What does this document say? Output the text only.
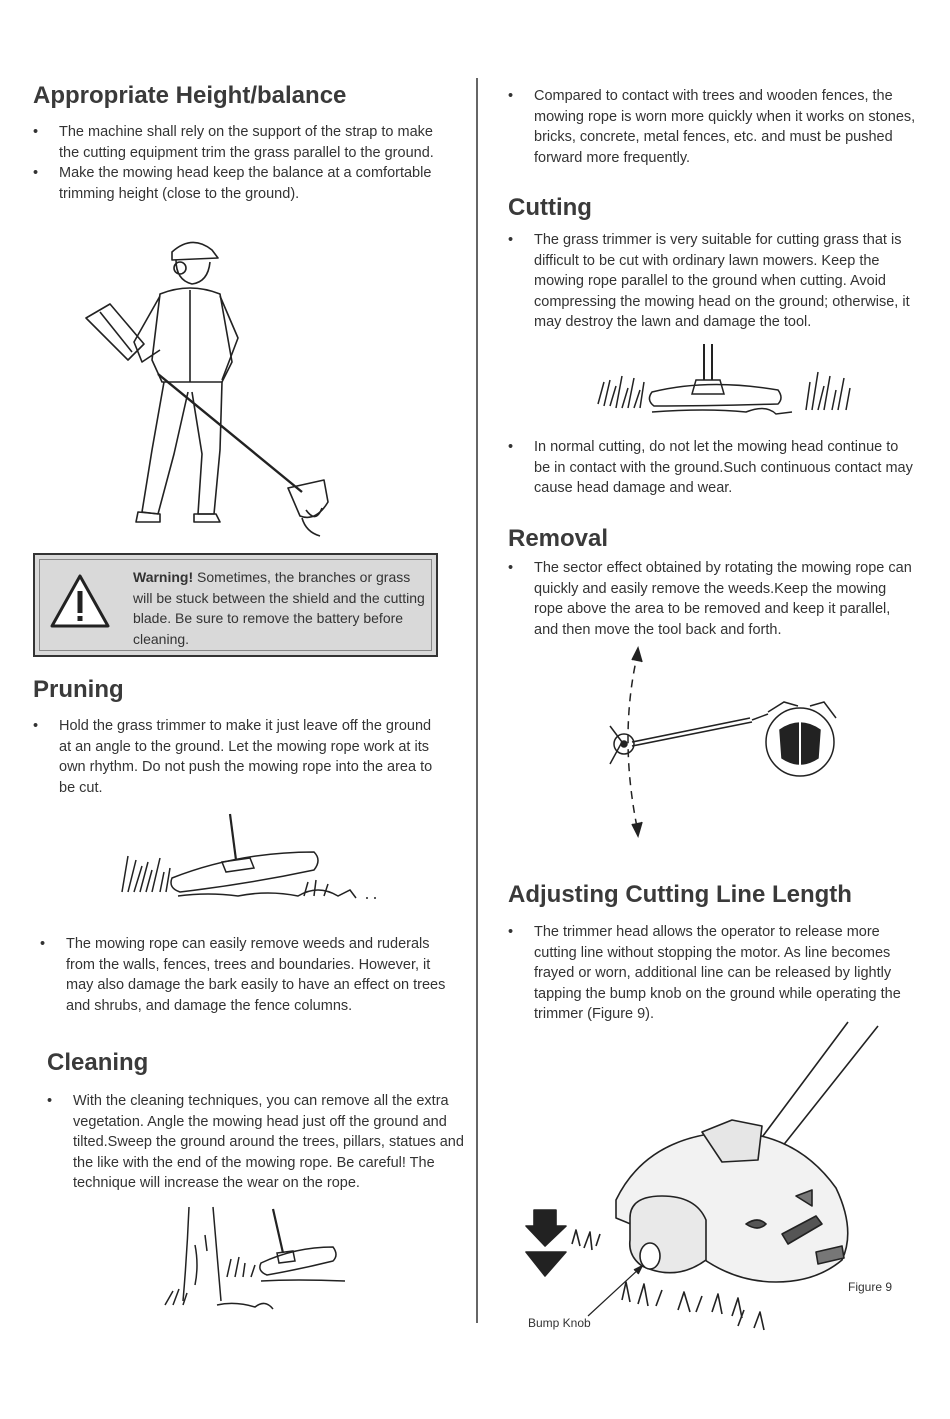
Appropriate Height/balance
• The machine shall rely on the support of the strap to make the cutting equipment trim the grass parallel to the ground.
• Make the mowing head keep the balance at a comfortable trimming height (close to the ground).
Warning! Sometimes, the branches or grass will be stuck between the shield and the cutting blade. Be sure to remove the battery before cleaning.
Pruning
• Hold the grass trimmer to make it just leave off the ground at an angle to the ground. Let the mowing rope work at its own rhythm. Do not push the mowing rope into the area to be cut.
• The mowing rope can easily remove weeds and ruderals from the walls, fences, trees and boundaries. However, it may also damage the bark easily to have an effect on trees and shrubs, and damage the fence columns.
Cleaning
• With the cleaning techniques, you can remove all the extra vegetation. Angle the mowing head just off the ground and tilted.Sweep the ground around the trees, pillars, statues and the like with the end of the mowing rope. Be careful! The technique will increase the wear on the rope.
• Compared to contact with trees and wooden fences, the mowing rope is worn more quickly when it works on stones, bricks, concrete, metal fences, etc. and must be pushed forward more frequently.
Cutting
• The grass trimmer is very suitable for cutting grass that is difficult to be cut with ordinary lawn mowers. Keep the mowing rope parallel to the ground when cutting. Avoid compressing the mowing head on the ground; otherwise, it may destroy the lawn and damage the tool.
• In normal cutting, do not let the mowing head continue to be in contact with the ground.Such continuous contact may cause head damage and wear.
Removal
• The sector effect obtained by rotating the mowing rope can quickly and easily remove the weeds.Keep the mowing rope above the area to be removed and keep it parallel, and then move the tool back and forth.
Adjusting Cutting Line Length
• The trimmer head allows the operator to release more cutting line without stopping the motor. As line becomes frayed or worn, additional line can be released by lightly tapping the bump knob on the ground while operating the trimmer (Figure 9).
Bump Knob
Figure 9
